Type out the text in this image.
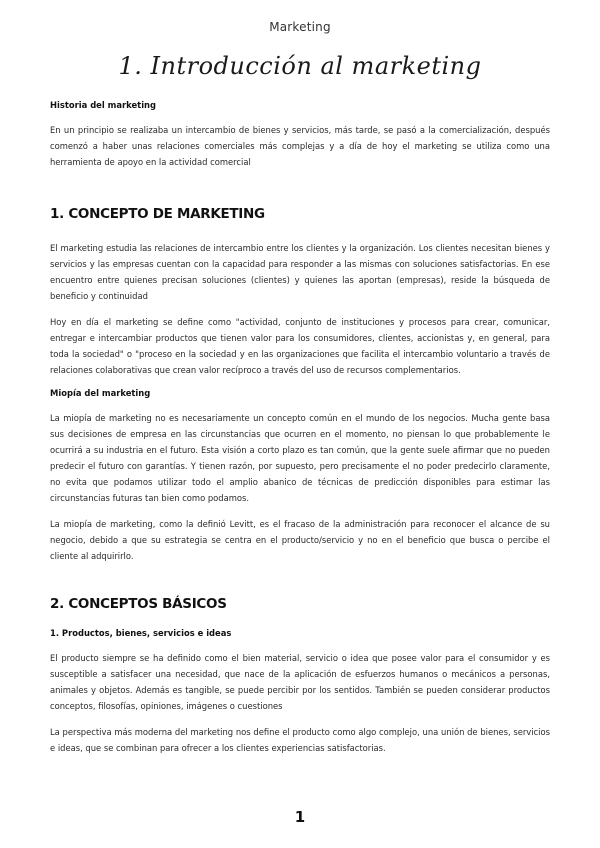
Marketing
1. Introducción al marketing
Historia del marketing

En un principio se realizaba un intercambio de bienes y servicios, más tarde, se pasó a la comercialización, después comenzó a haber unas relaciones comerciales más complejas y a día de hoy el marketing se utiliza como una herramienta de apoyo en la actividad comercial

1. CONCEPTO DE MARKETING

El marketing estudia las relaciones de intercambio entre los clientes y la organización. Los clientes necesitan bienes y servicios y las empresas cuentan con la capacidad para responder a las mismas con soluciones satisfactorias. En ese encuentro entre quienes precisan soluciones (clientes) y quienes las aportan (empresas), reside la búsqueda de beneficio y continuidad

Hoy en día el marketing se define como "actividad, conjunto de instituciones y procesos para crear, comunicar, entregar e intercambiar productos que tienen valor para los consumidores, clientes, accionistas y, en general, para toda la sociedad" o "proceso en la sociedad y en las organizaciones que facilita el intercambio voluntario a través de relaciones colaborativas que crean valor recíproco a través del uso de recursos complementarios.

Miopía del marketing

La miopía de marketing no es necesariamente un concepto común en el mundo de los negocios. Mucha gente basa sus decisiones de empresa en las circunstancias que ocurren en el momento, no piensan lo que probablemente le ocurrirá a su industria en el futuro. Esta visión a corto plazo es tan común, que la gente suele afirmar que no pueden predecir el futuro con garantías. Y tienen razón, por supuesto, pero precisamente el no poder predecirlo claramente, no evita que podamos utilizar todo el amplio abanico de técnicas de predicción disponibles para estimar las circunstancias futuras tan bien como podamos.

La miopía de marketing, como la definió Levitt, es el fracaso de la administración para reconocer el alcance de su negocio, debido a que su estrategia se centra en el producto/servicio y no en el beneficio que busca o percibe el cliente al adquirirlo.

2. CONCEPTOS BÁSICOS
1. Productos, bienes, servicios e ideas

El producto siempre se ha definido como el bien material, servicio o idea que posee valor para el consumidor y es susceptible a satisfacer una necesidad, que nace de la aplicación de esfuerzos humanos o mecánicos a personas, animales y objetos. Además es tangible, se puede percibir por los sentidos. También se pueden considerar productos conceptos, filosofías, opiniones, imágenes o cuestiones

La perspectiva más moderna del marketing nos define el producto como algo complejo, una unión de bienes, servicios e ideas, que se combinan para ofrecer a los clientes experiencias satisfactorias.

1
